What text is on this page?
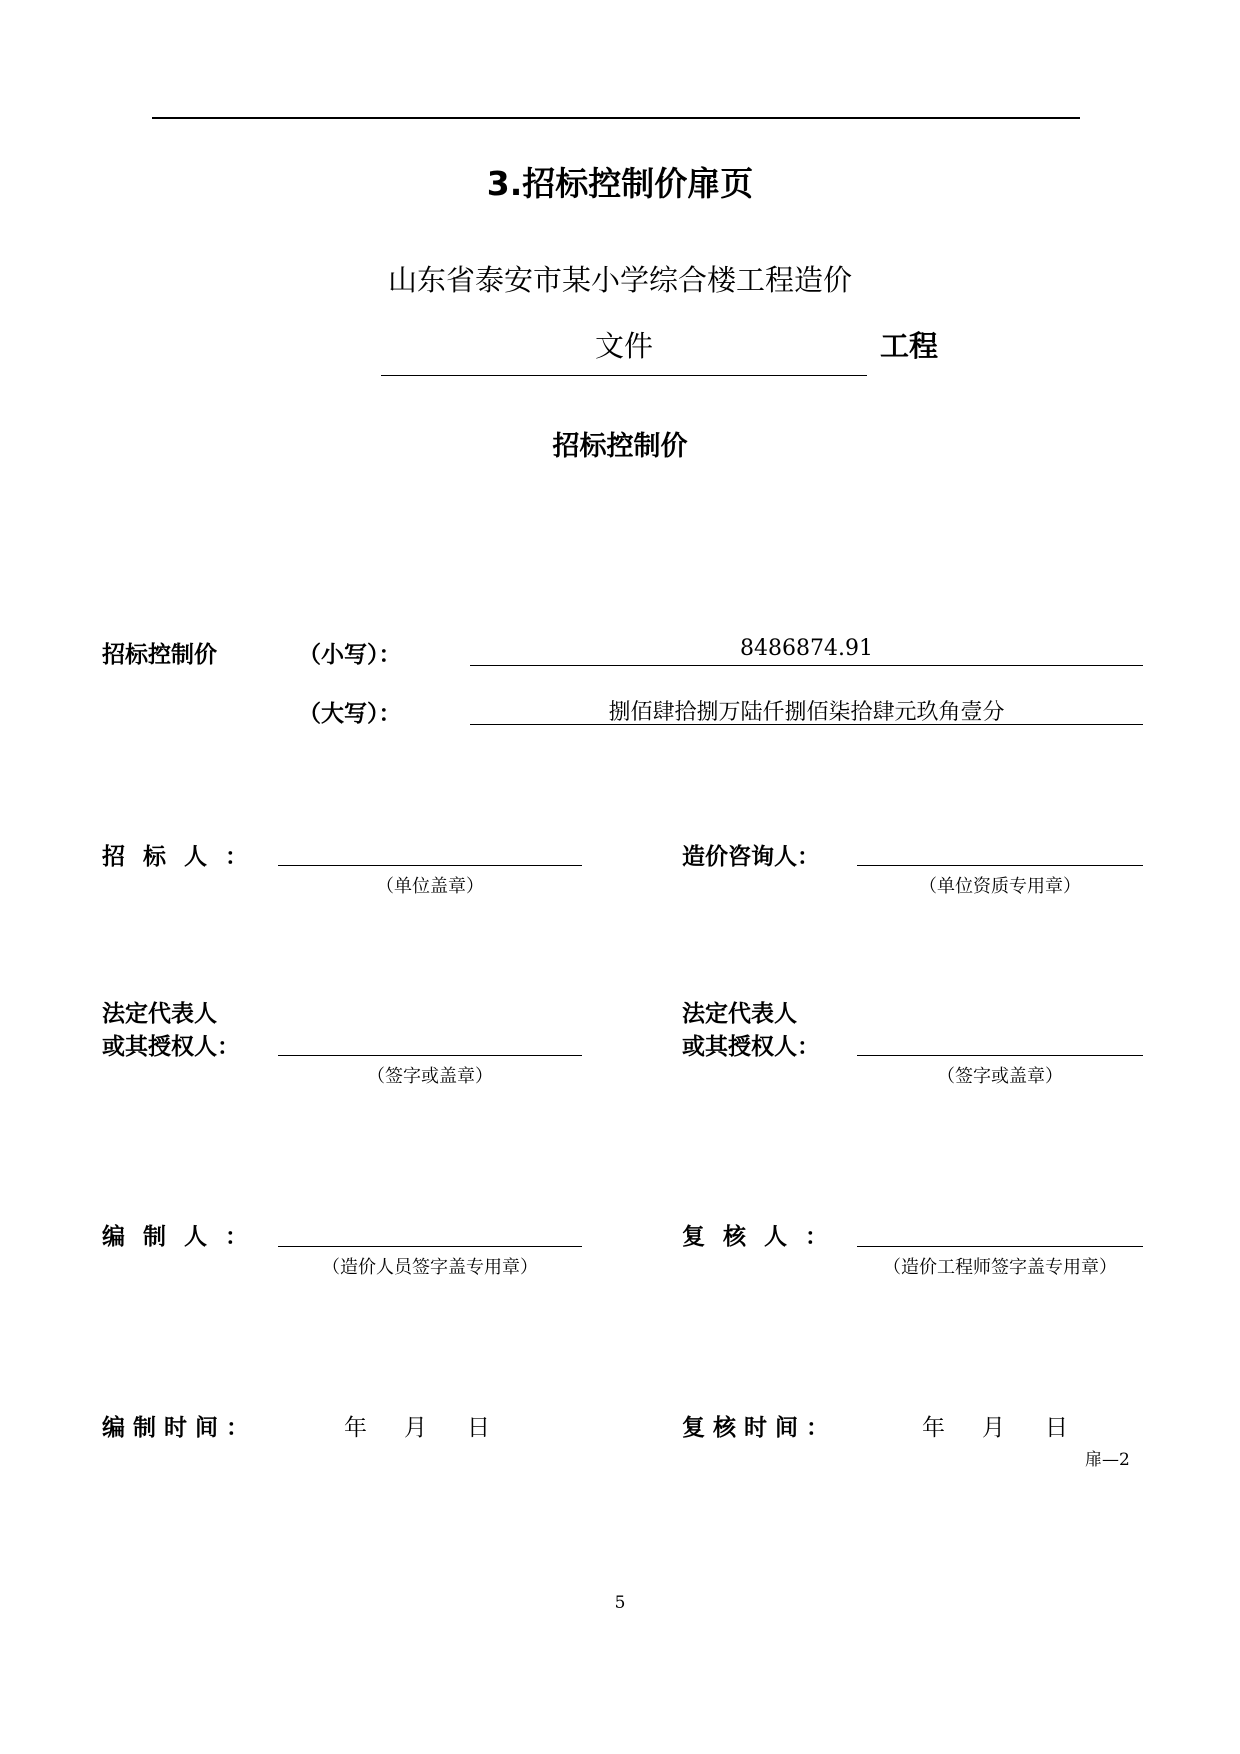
3.招标控制价扉页
山东省泰安市某小学综合楼工程造价
文件	工程
招标控制价
招标控制价	（小写）：	8486874.91
（大写）：	捌佰肆拾捌万陆仟捌佰柒拾肆元玖角壹分
招标人：
（单位盖章）
造价咨询人：
（单位资质专用章）
法定代表人
或其授权人：
（签字或盖章）
法定代表人
或其授权人：
（签字或盖章）
编制人：
（造价人员签字盖专用章）
复核人：
（造价工程师签字盖专用章）
编制时间：	年 月 日	复核时间：	年 月 日
扉—2
5
